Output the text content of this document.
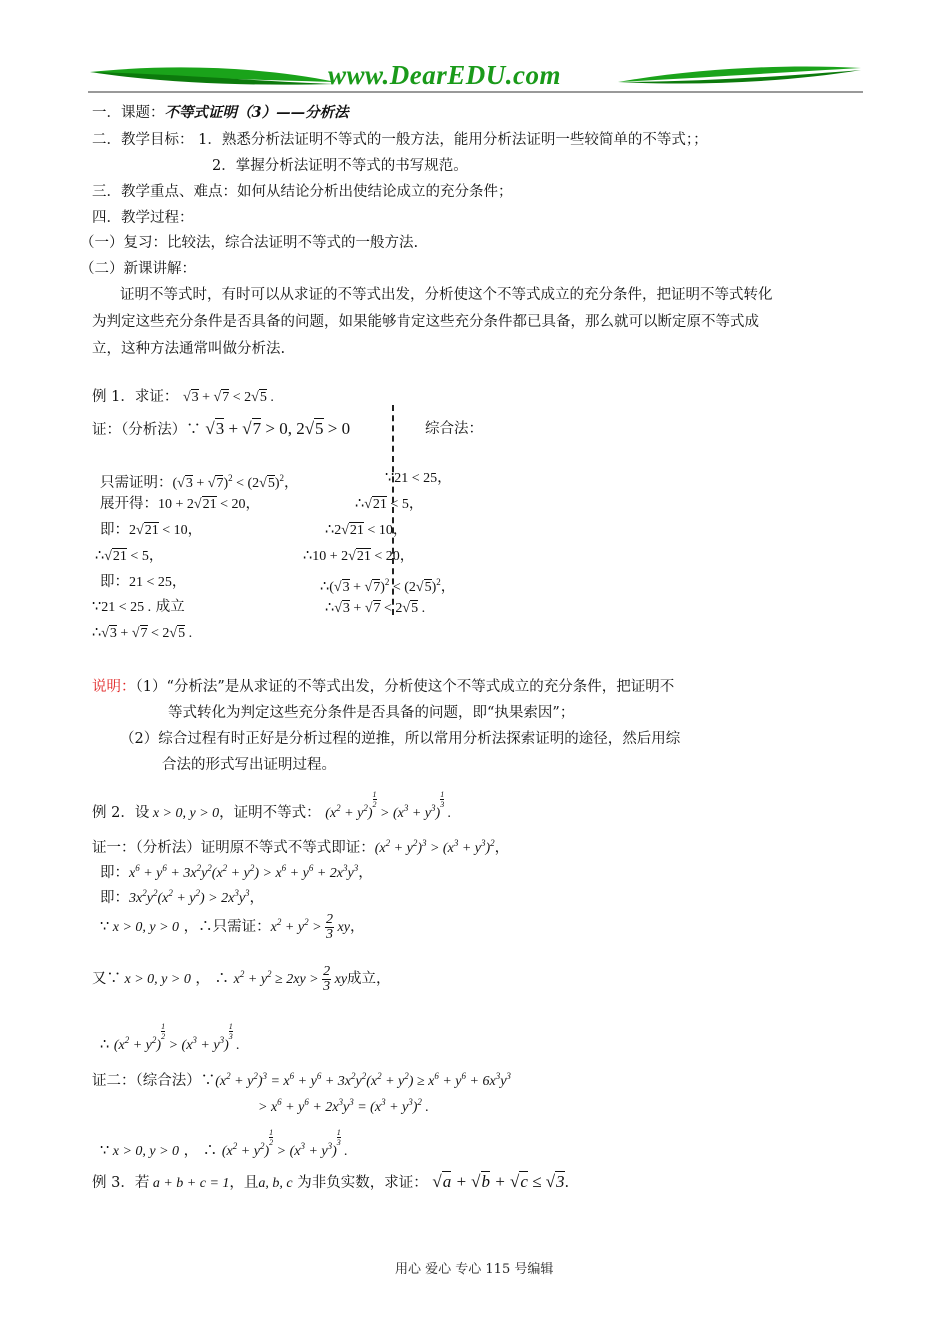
www.DearEDU.com
一．课题：不等式证明（3）——分析法
二．教学目标： 1．熟悉分析法证明不等式的一般方法，能用分析法证明一些较简单的不等式；；
2．掌握分析法证明不等式的书写规范。
三．教学重点、难点：如何从结论分析出使结论成立的充分条件；
四．教学过程：
（一）复习：比较法，综合法证明不等式的一般方法.
（二）新课讲解：
证明不等式时，有时可以从求证的不等式出发，分析使这个不等式成立的充分条件，把证明不等式转化
为判定这些充分条件是否具备的问题，如果能够肯定这些充分条件都已具备，那么就可以断定原不等式成
立，这种方法通常叫做分析法.
例 1．求证： √3 + √7 < 2√5 .
证：（分析法）∵ √3 + √7 > 0, 2√5 > 0	综合法：
只需证明：$(√3 + √7)^2 < (2√5)^2$，
展开得：10 + 2√21 < 20，
即：2√21 < 10，
∴√21 < 5，
即：21 < 25，
∵21 < 25 . 成立
∴√3 + √7 < 2√5 .
∵21 < 25，
∴√21 < 5，
∴2√21 < 10，
∴10 + 2√21 < 20，
∴(√3 + $√7)^2 < (2√5)^2$，
∴√3 + √7 < 2√5 .
说明：（1）“分析法”是从求证的不等式出发，分析使这个不等式成立的充分条件，把证明不
等式转化为判定这些充分条件是否具备的问题，即“执果索因”；
（2）综合过程有时正好是分析过程的逆推，所以常用分析法探索证明的途径，然后用综
合法的形式写出证明过程。
例 2．设 x > 0, y > 0，证明不等式： $(x^2 + y^2)$
$\frac{1}{2}$
> $(x^3 + y^3)$
$\frac{1}{3}$
.
证一：（分析法）证明原不等式不等式即证：$(x^2 + y^2)^3 > (x^3 + y^3)^2$，
即：$x^6 + y^6 + 3x^2y^2(x^2 + y^2) > x^6 + y^6 + 2x^3y^3$，
即：$3x^2y^2(x^2 + y^2) > 2x^3y^3$，
∵ x > 0, y > 0 ，∴只需证：$x^2 + y^2 > \frac{2}{3}$ xy，
又∵ x > 0, y > 0 ， ∴ $x^2 + y^2 \ge 2xy > \frac{2}{3}$ xy成立，
∴ $(x^2 + y^2)$
$\frac{1}{2}$
> $(x^3 + y^3)$
$\frac{1}{3}$
.
证二：（综合法）$\because(x^2 + y^2)^3 = x^6 + y^6 + 3x^2y^2(x^2 + y^2) \ge x^6 + y^6 + 6x^3y^3$
> $x^6 + y^6 + 2x^3y^3 = (x^3 + y^3)^2$ .
∵ x > 0, y > 0 ， ∴ $(x^2 + y^2)$
$\frac{1}{2}$
> $(x^3 + y^3)$
$\frac{1}{3}$
.
例 3．若 a + b + c = 1，且a, b, c 为非负实数，求证： √a + √b + √c ≤ √3.
用心 爱心 专心 115 号编辑
